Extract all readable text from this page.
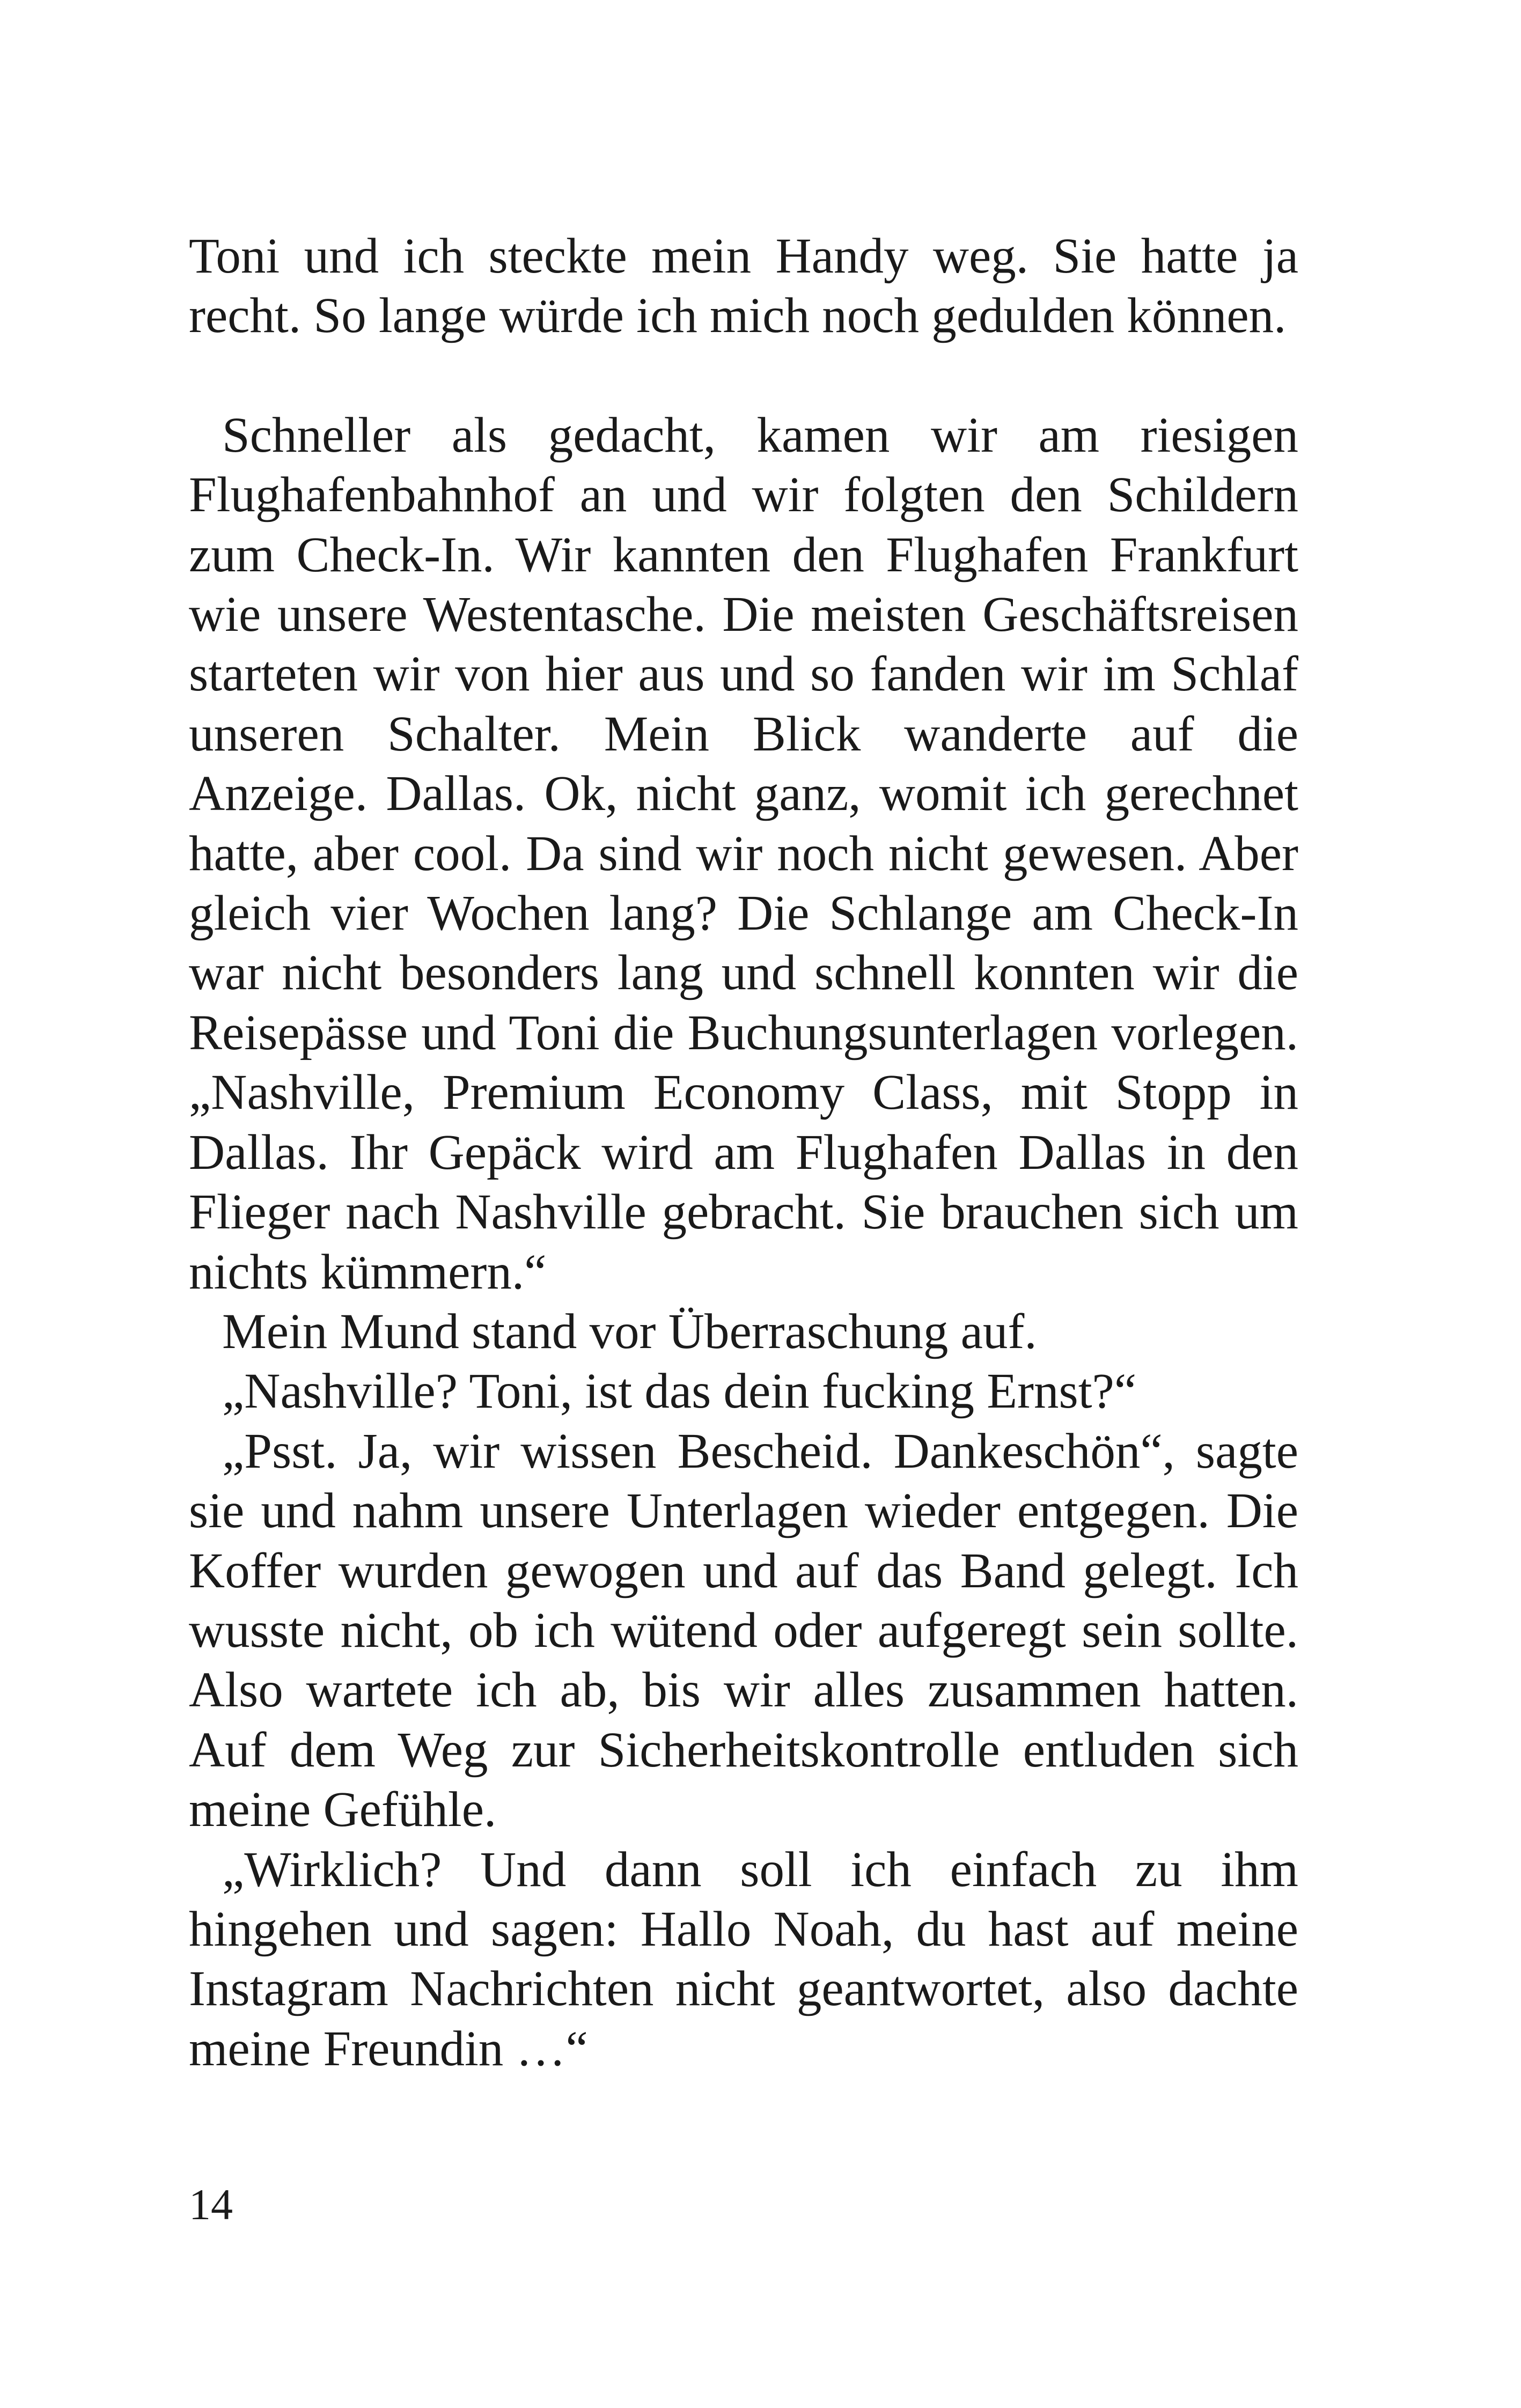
Toni und ich steckte mein Handy weg. Sie hatte ja recht. So lange würde ich mich noch gedulden können.

Schneller als gedacht, kamen wir am riesigen Flughafenbahnhof an und wir folgten den Schildern zum Check-In. Wir kannten den Flughafen Frankfurt wie unsere Westentasche. Die meisten Geschäftsreisen starteten wir von hier aus und so fanden wir im Schlaf unseren Schalter. Mein Blick wanderte auf die Anzeige. Dallas. Ok, nicht ganz, womit ich gerechnet hatte, aber cool. Da sind wir noch nicht gewesen. Aber gleich vier Wochen lang? Die Schlange am Check-In war nicht besonders lang und schnell konnten wir die Reisepässe und Toni die Buchungsunterlagen vorlegen. „Nashville, Premium Economy Class, mit Stopp in Dallas. Ihr Gepäck wird am Flughafen Dallas in den Flieger nach Nashville gebracht. Sie brauchen sich um nichts kümmern.“

Mein Mund stand vor Überraschung auf.

„Nashville? Toni, ist das dein fucking Ernst?“

„Psst. Ja, wir wissen Bescheid. Dankeschön“, sagte sie und nahm unsere Unterlagen wieder entgegen. Die Koffer wurden gewogen und auf das Band gelegt. Ich wusste nicht, ob ich wütend oder aufgeregt sein sollte. Also wartete ich ab, bis wir alles zusammen hatten. Auf dem Weg zur Sicherheitskontrolle entluden sich meine Gefühle.

„Wirklich? Und dann soll ich einfach zu ihm hingehen und sagen: Hallo Noah, du hast auf meine Instagram Nachrichten nicht geantwortet, also dachte meine Freundin …“

14
